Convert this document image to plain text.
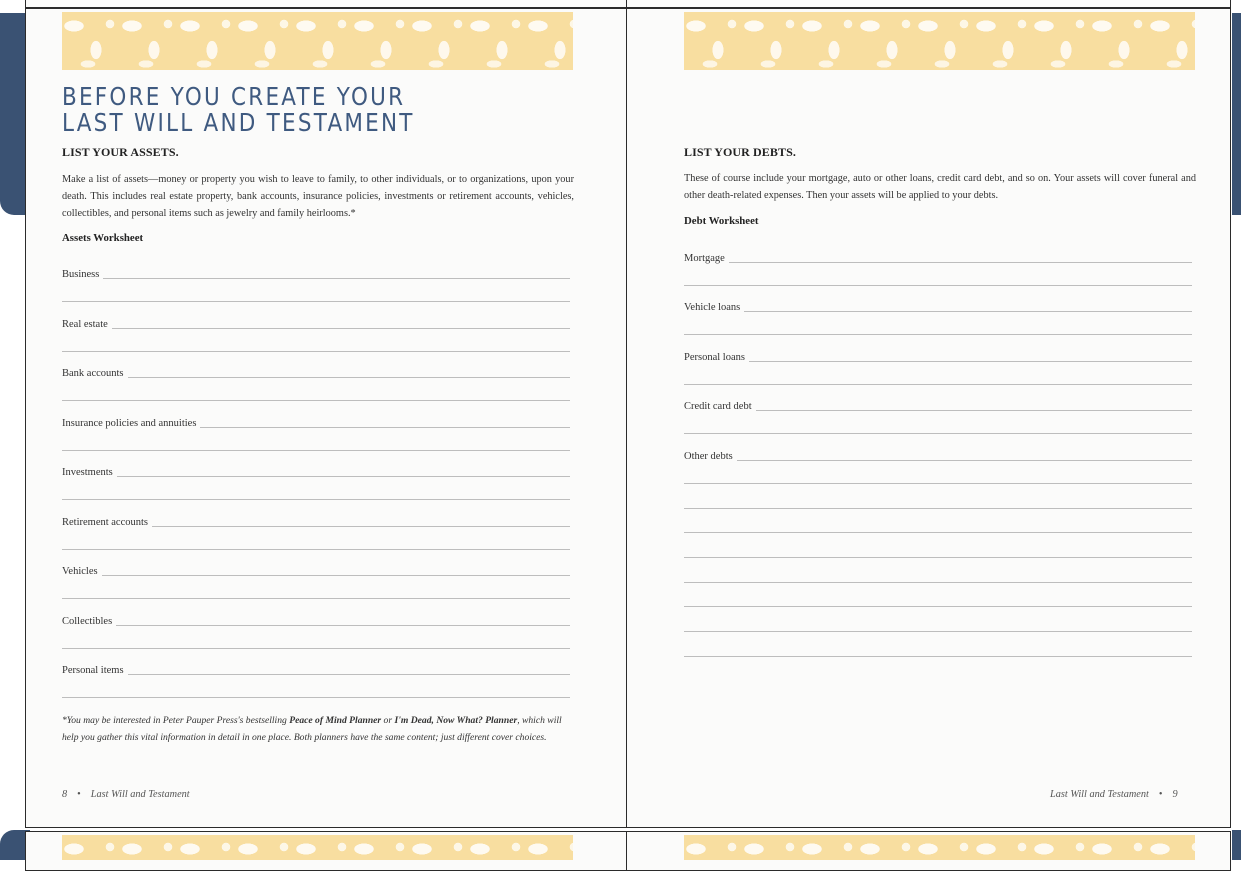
BEFORE YOU CREATE YOUR
LAST WILL AND TESTAMENT
LIST YOUR ASSETS.

Make a list of assets—money or property you wish to leave to family, to other individuals, or to organizations, upon your death. This includes real estate property, bank accounts, insurance policies, investments or retirement accounts, vehicles, collectibles, and personal items such as jewelry and family heirlooms.*

Assets Worksheet
Business
Real estate
Bank accounts
Insurance policies and annuities
Investments
Retirement accounts
Vehicles
Collectibles
Personal items

*You may be interested in Peter Pauper Press's bestselling Peace of Mind Planner or I'm Dead, Now What? Planner, which will help you gather this vital information in detail in one place. Both planners have the same content; just different cover choices.

8 • Last Will and Testament
LIST YOUR DEBTS.

These of course include your mortgage, auto or other loans, credit card debt, and so on. Your assets will cover funeral and other death-related expenses. Then your assets will be applied to your debts.

Debt Worksheet
Mortgage
Vehicle loans
Personal loans
Credit card debt
Other debts
Last Will and Testament • 9
